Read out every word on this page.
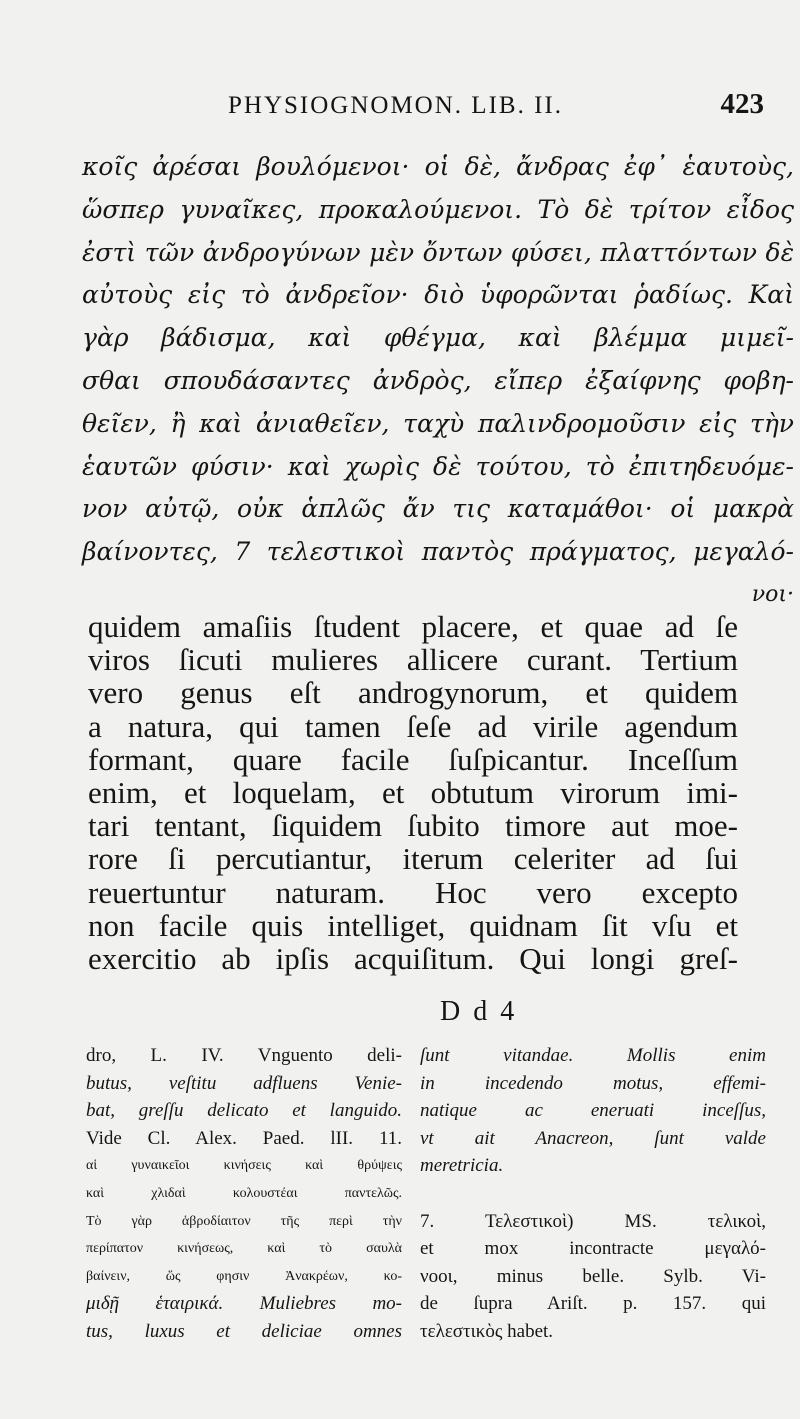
PHYSIOGNOMON. LIB. II.	423
κοῖς ἀρέσαι βουλόμενοι· οἱ δὲ, ἄνδρας ἐφ᾽ ἑαυτοὺς,
ὥσπερ γυναῖκες, προκαλούμενοι. Τὸ δὲ τρίτον εἶδος
ἐστὶ τῶν ἀνδρογύνων μὲν ὄντων φύσει, πλαττόντων δὲ
αὐτοὺς εἰς τὸ ἀνδρεῖον· διὸ ὑφορῶνται ῥαδίως. Καὶ
γὰρ βάδισμα, καὶ φθέγμα, καὶ βλέμμα μιμεῖ-
σθαι σπουδάσαντες ἀνδρὸς, εἴπερ ἐξαίφνης φοβη-
θεῖεν, ἢ καὶ ἀνιαθεῖεν, ταχὺ παλινδρομοῦσιν εἰς τὴν
ἑαυτῶν φύσιν· καὶ χωρὶς δὲ τούτου, τὸ ἐπιτηδευόμε-
νον αὐτῷ, οὐκ ἁπλῶς ἄν τις καταμάθοι· οἱ μακρὰ
βαίνοντες, 7 τελεστικοὶ παντὸς πράγματος, μεγαλό-
νοι·
quidem amaſiis ſtudent placere, et quae ad ſe
viros ſicuti mulieres allicere curant. Tertium
vero genus eſt androgynorum, et quidem
a natura, qui tamen ſeſe ad virile agendum
formant, quare facile ſuſpicantur. Inceſſum
enim, et loquelam, et obtutum virorum imi-
tari tentant, ſiquidem ſubito timore aut moe-
rore ſi percutiantur, iterum celeriter ad ſui
reuertuntur naturam. Hoc vero excepto
non facile quis intelliget, quidnam ſit vſu et
exercitio ab ipſis acquiſitum. Qui longi greſ-
D d 4
dro, L. IV. Vnguento deli-
butus, veſtitu adfluens Venie-
bat, greſſu delicato et languido.
Vide Cl. Alex. Paed. lII. 11.
αἱ γυναικεῖοι κινήσεις καὶ θρύψεις
καὶ χλιδαὶ κολουστέαι παντελῶς.
Τὸ γὰρ ἁβροδίαιτον τῆς περὶ τὴν
περίπατον κινήσεως, καὶ τὸ σαυλὰ
βαίνειν, ὥς φησιν Ἀνακρέων, κο-
μιδῇ ἑταιρικά. Muliebres mo-
tus, luxus et deliciae omnes
ſunt vitandae. Mollis enim
in incedendo motus, effemi-
natique ac eneruati inceſſus,
vt ait Anacreon, ſunt valde
meretricia.
7. Τελεστικοὶ) MS. τελικοὶ,
et mox incontracte μεγαλό-
νοοι, minus belle. Sylb. Vi-
de ſupra Ariſt. p. 157. qui
τελεστικὸς habet.
